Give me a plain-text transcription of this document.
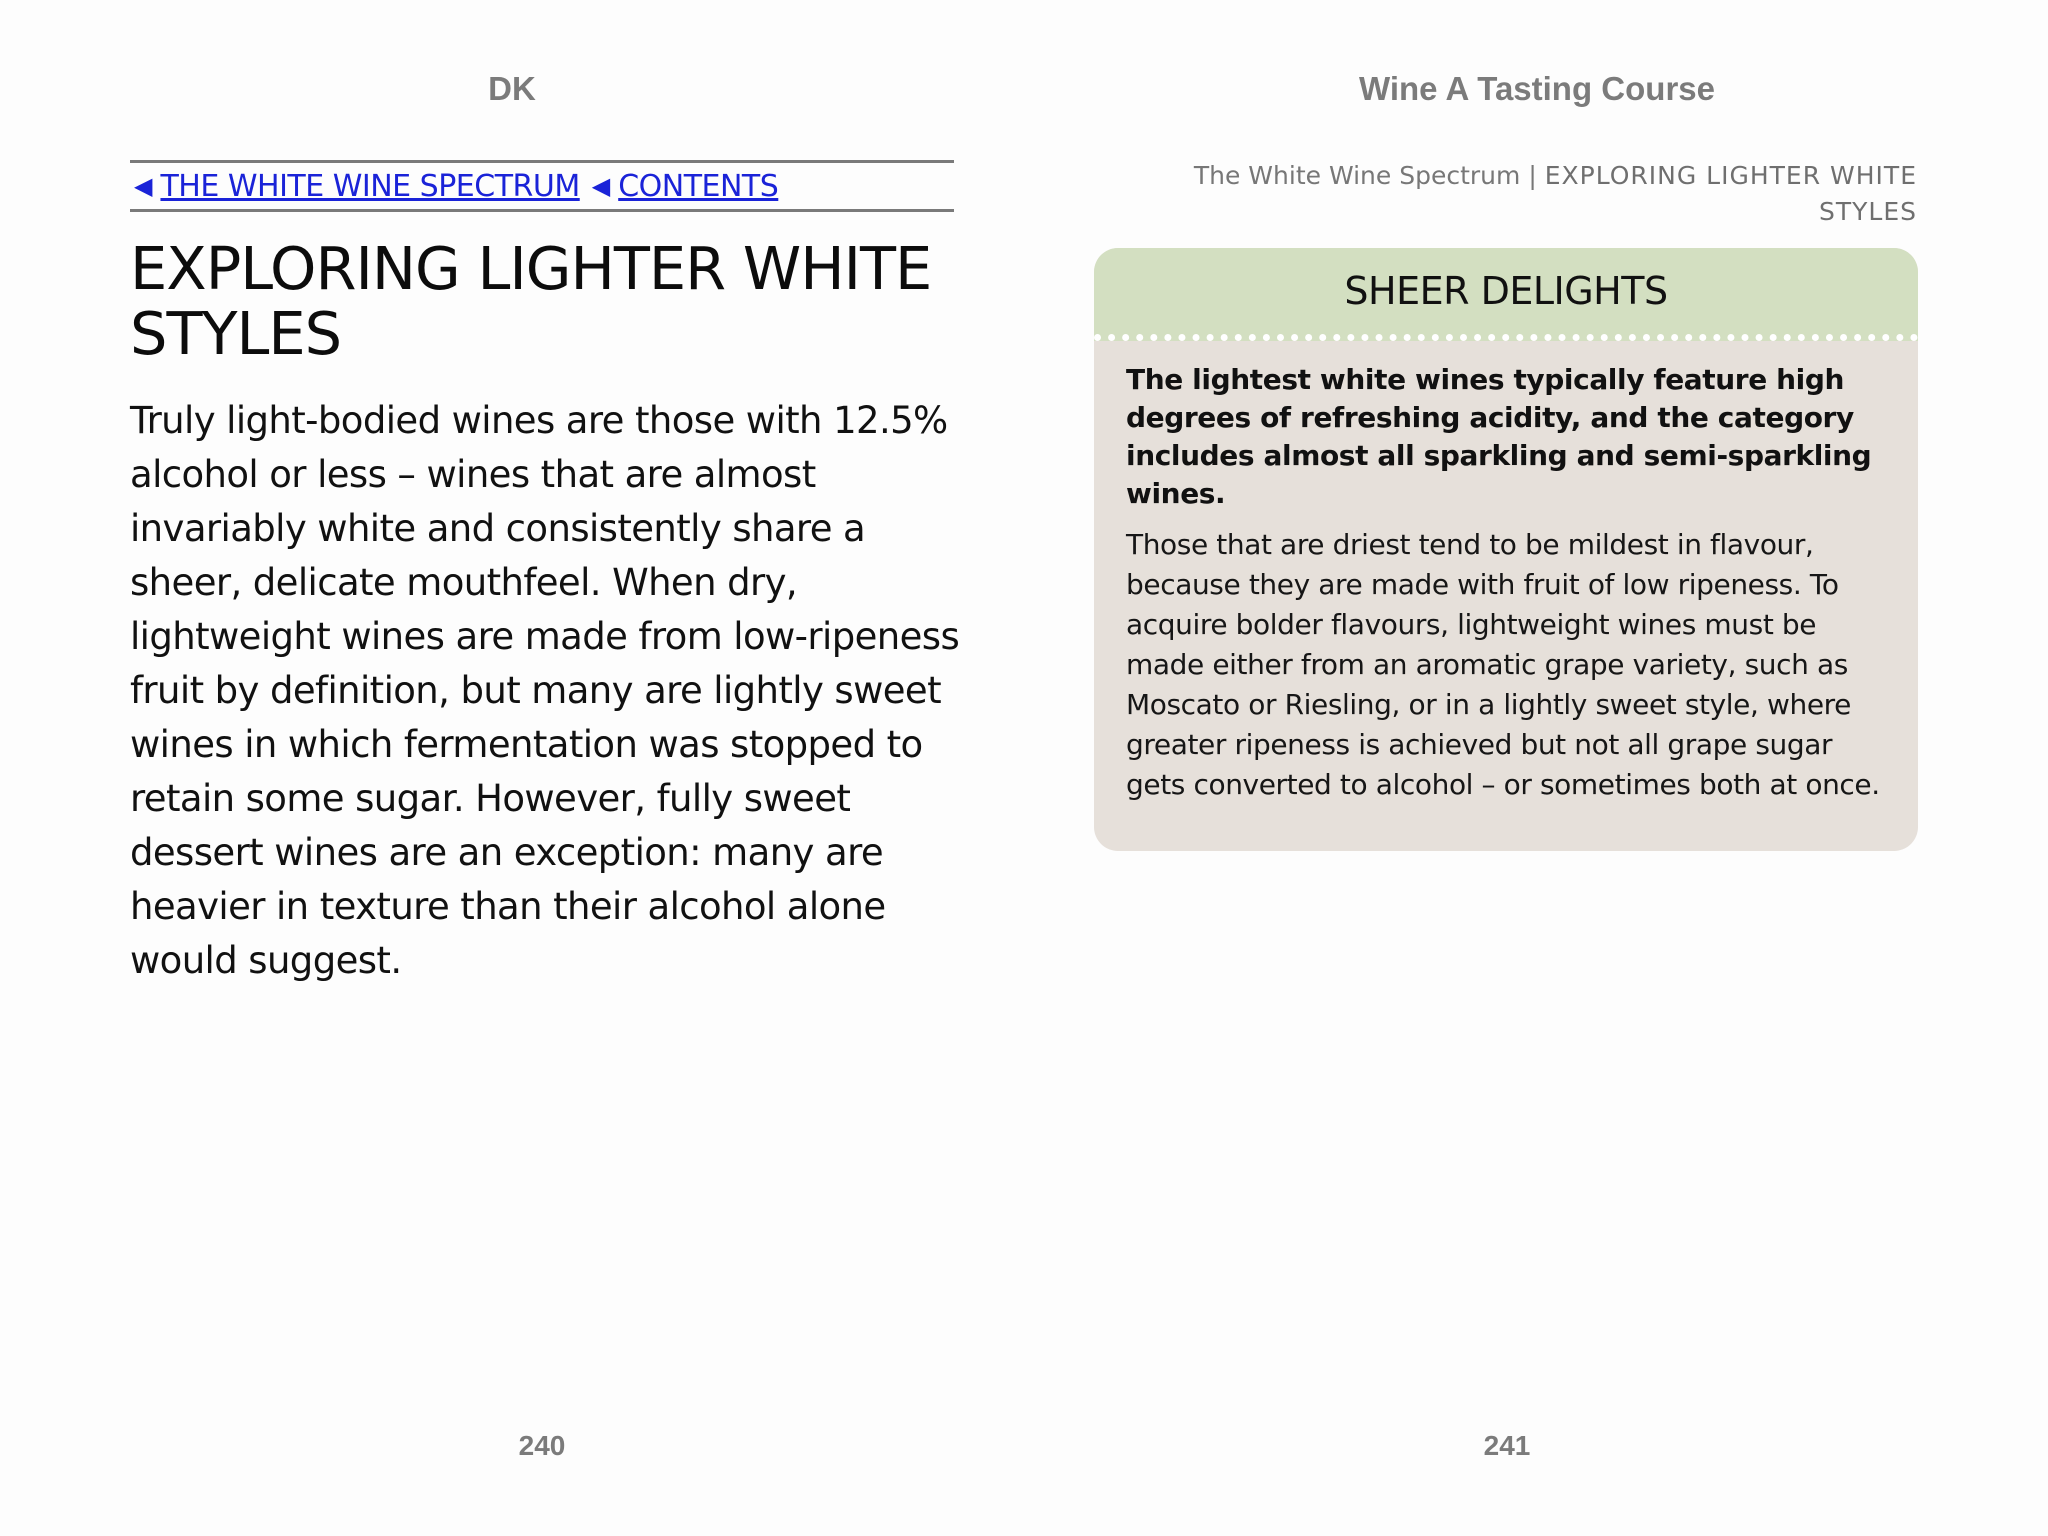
DK	Wine A Tasting Course
◀ THE WHITE WINE SPECTRUM ◀ CONTENTS
EXPLORING LIGHTER WHITE STYLES

Truly light-bodied wines are those with 12.5% alcohol or less – wines that are almost invariably white and consistently share a sheer, delicate mouthfeel. When dry, lightweight wines are made from low-ripeness fruit by definition, but many are lightly sweet wines in which fermentation was stopped to retain some sugar. However, fully sweet dessert wines are an exception: many are heavier in texture than their alcohol alone would suggest.

The White Wine Spectrum | EXPLORING LIGHTER WHITE STYLES
SHEER DELIGHTS

The lightest white wines typically feature high degrees of refreshing acidity, and the category includes almost all sparkling and semi-sparkling wines.

Those that are driest tend to be mildest in flavour, because they are made with fruit of low ripeness. To acquire bolder flavours, lightweight wines must be made either from an aromatic grape variety, such as Moscato or Riesling, or in a lightly sweet style, where greater ripeness is achieved but not all grape sugar gets converted to alcohol – or sometimes both at once.

240	241
